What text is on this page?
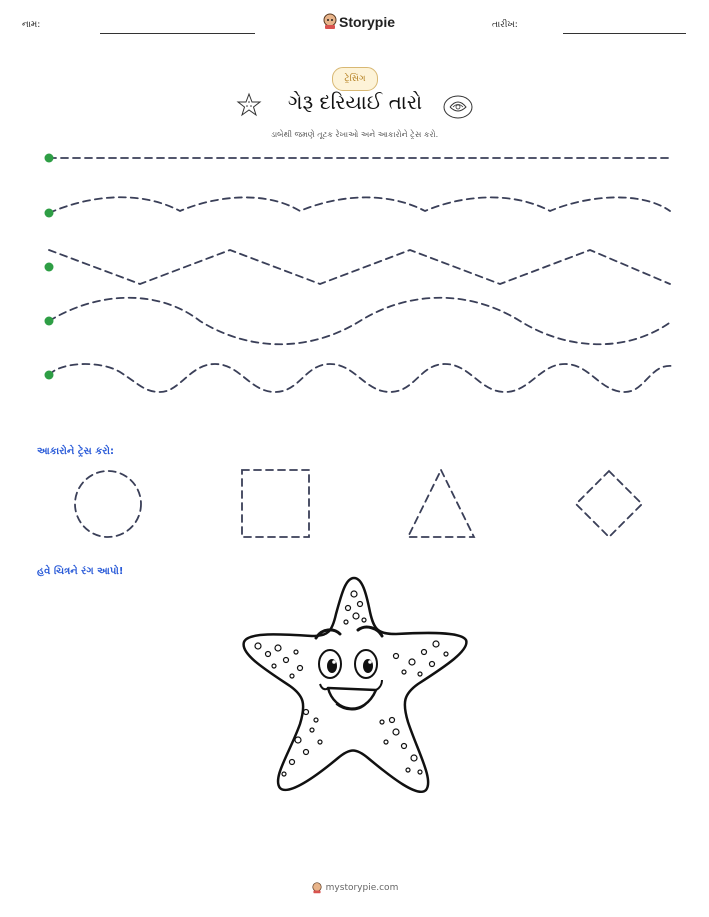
નામ:	Storypie	તારીખ:
ટ્રેસિંગ
ગેરૂ દરિયાઈ તારો
ડાબેથી જમણે તૂટક રેખાઓ અને આકારોને ટ્રેસ કરો.
આકારોને ટ્રેસ કરો:
હવે ચિત્રને રંગ આપો!
mystorypie.com
